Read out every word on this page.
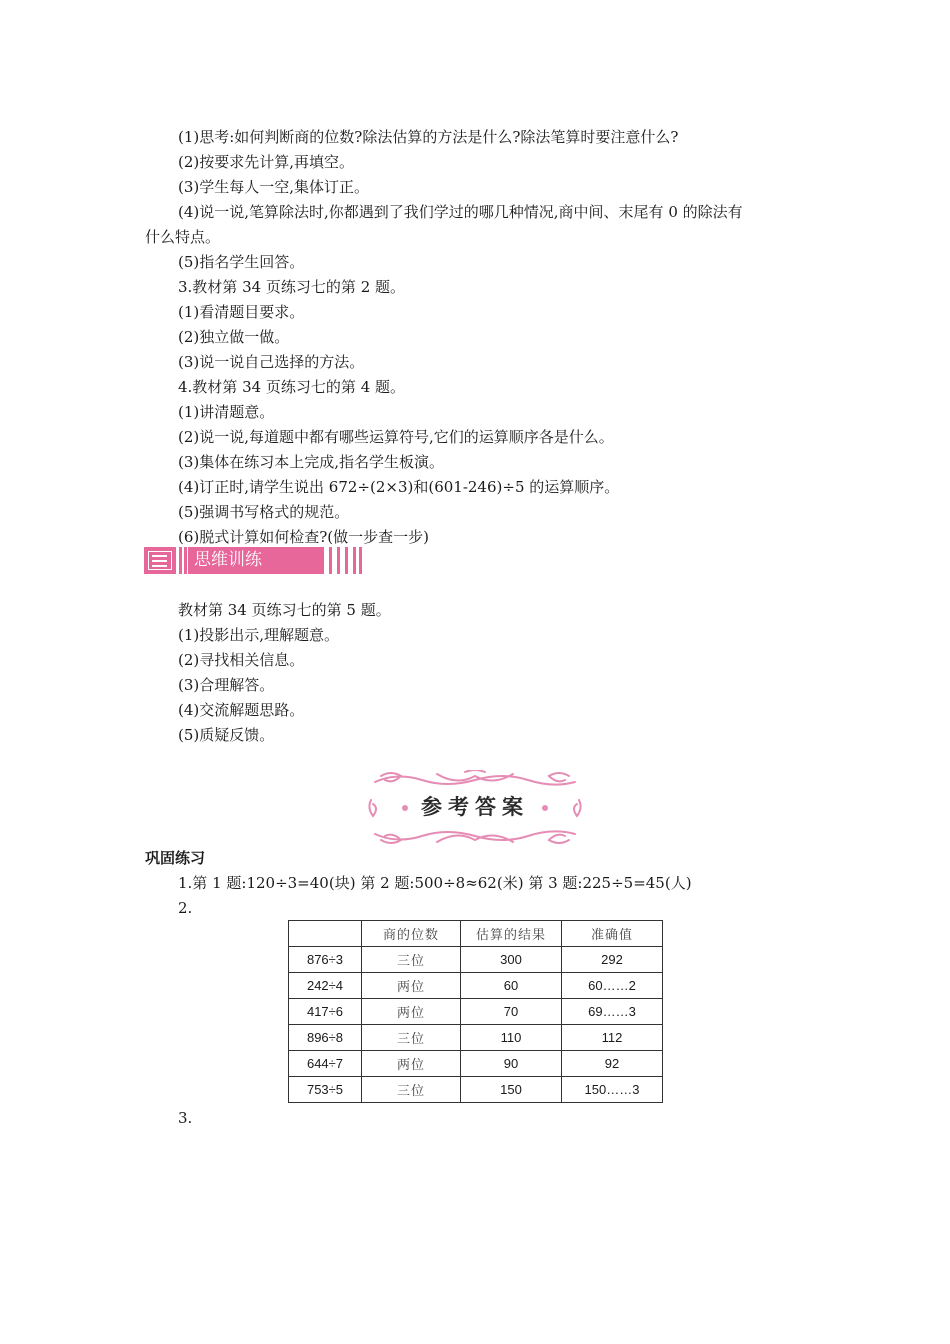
(1)思考:如何判断商的位数?除法估算的方法是什么?除法笔算时要注意什么?
(2)按要求先计算,再填空。
(3)学生每人一空,集体订正。
(4)说一说,笔算除法时,你都遇到了我们学过的哪几种情况,商中间、末尾有 0 的除法有
什么特点。
(5)指名学生回答。
3.教材第 34 页练习七的第 2 题。
(1)看清题目要求。
(2)独立做一做。
(3)说一说自己选择的方法。
4.教材第 34 页练习七的第 4 题。
(1)讲清题意。
(2)说一说,每道题中都有哪些运算符号,它们的运算顺序各是什么。
(3)集体在练习本上完成,指名学生板演。
(4)订正时,请学生说出 672÷(2×3)和(601-246)÷5 的运算顺序。
(5)强调书写格式的规范。
(6)脱式计算如何检查?(做一步查一步)
思维训练
教材第 34 页练习七的第 5 题。
(1)投影出示,理解题意。
(2)寻找相关信息。
(3)合理解答。
(4)交流解题思路。
(5)质疑反馈。
参考答案
巩固练习
1.第 1 题:120÷3=40(块) 第 2 题:500÷8≈62(米) 第 3 题:225÷5=45(人)
2.
	商的位数	估算的结果	准确值
876÷3	三位	300	292
242÷4	两位	60	60……2
417÷6	两位	70	69……3
896÷8	三位	110	112
644÷7	两位	90	92
753÷5	三位	150	150……3
3.
